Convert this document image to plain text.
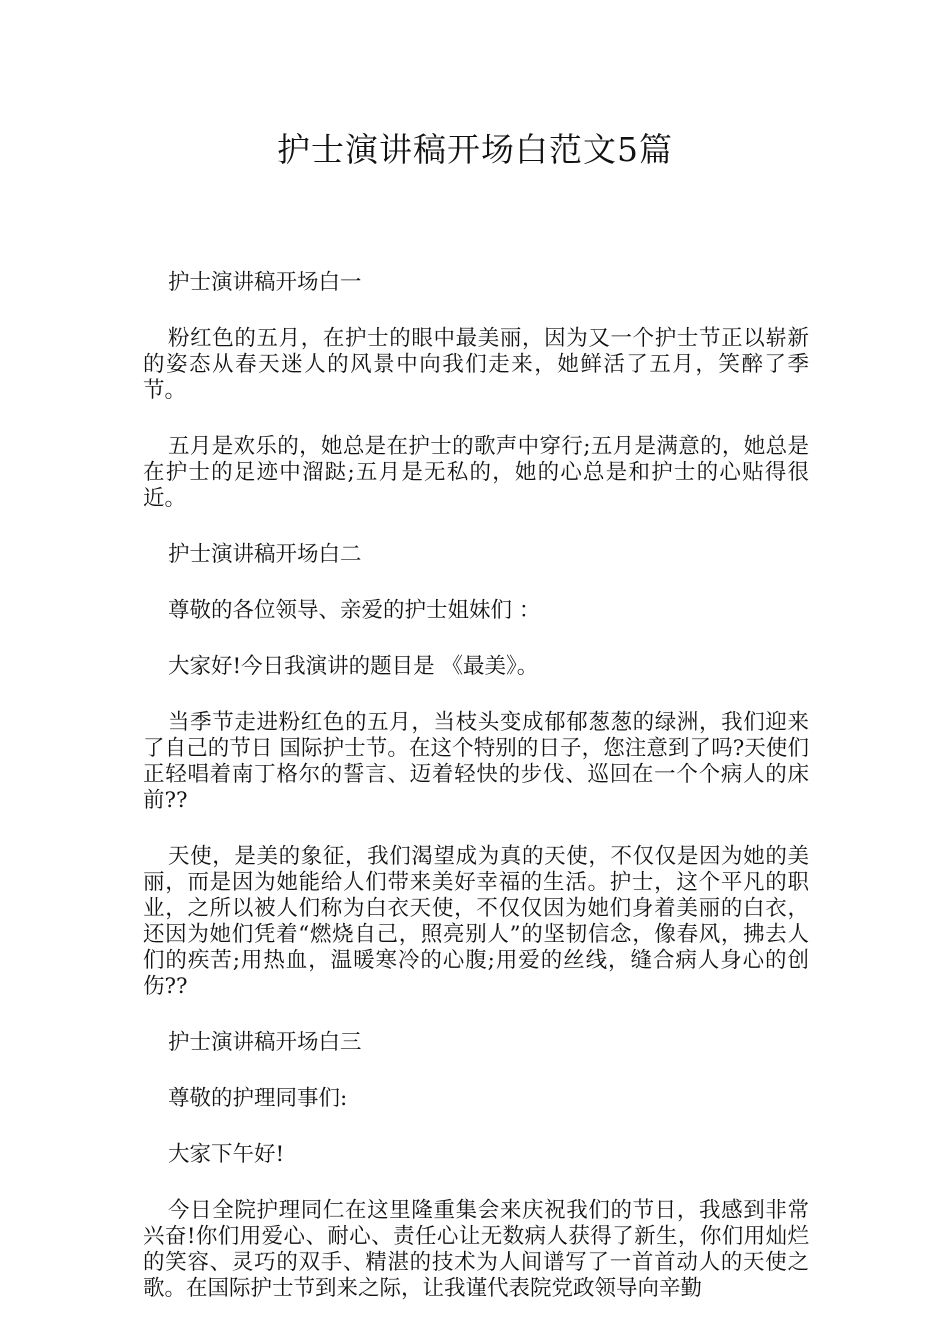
护士演讲稿开场白范文5篇

护士演讲稿开场白一

粉红色的五月，在护士的眼中最美丽，因为又一个护士节正以崭新的姿态从春天迷人的风景中向我们走来，她鲜活了五月，笑醉了季节。

五月是欢乐的，她总是在护士的歌声中穿行;五月是满意的，她总是在护士的足迹中溜跶;五月是无私的，她的心总是和护士的心贴得很近。

护士演讲稿开场白二

尊敬的各位领导、亲爱的护士姐妹们 ：

大家好!今日我演讲的题目是 《最美》。

当季节走进粉红色的五月，当枝头变成郁郁葱葱的绿洲，我们迎来了自己的节日 国际护士节。在这个特别的日子，您注意到了吗?天使们正轻唱着南丁格尔的誓言、迈着轻快的步伐、巡回在一个个病人的床前??

天使，是美的象征，我们渴望成为真的天使，不仅仅是因为她的美丽，而是因为她能给人们带来美好幸福的生活。护士，这个平凡的职业，之所以被人们称为白衣天使，不仅仅因为她们身着美丽的白衣，还因为她们凭着“燃烧自己，照亮别人”的坚韧信念，像春风，拂去人们的疾苦;用热血，温暖寒冷的心腹;用爱的丝线，缝合病人身心的创伤??

护士演讲稿开场白三

尊敬的护理同事们:

大家下午好!

今日全院护理同仁在这里隆重集会来庆祝我们的节日，我感到非常兴奋!你们用爱心、耐心、责任心让无数病人获得了新生，你们用灿烂的笑容、灵巧的双手、精湛的技术为人间谱写了一首首动人的天使之歌。在国际护士节到来之际，让我谨代表院党政领导向辛勤
